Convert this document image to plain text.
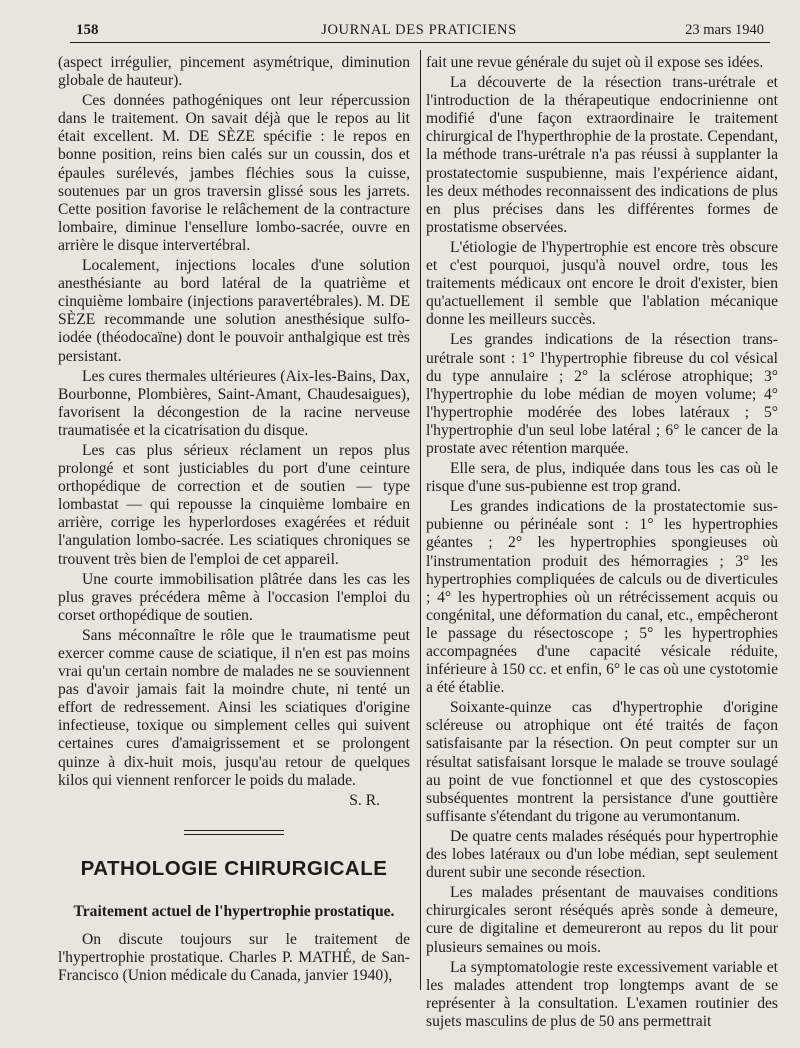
158	JOURNAL DES PRATICIENS	23 mars 1940

(aspect irrégulier, pincement asymétrique, diminution globale de hauteur).

Ces données pathogéniques ont leur répercussion dans le traitement. On savait déjà que le repos au lit était excellent. M. DE SÈZE spécifie : le repos en bonne position, reins bien calés sur un coussin, dos et épaules surélevés, jambes fléchies sous la cuisse, soutenues par un gros traversin glissé sous les jarrets. Cette position favorise le relâchement de la contracture lombaire, diminue l'ensellure lombo-sacrée, ouvre en arrière le disque intervertébral.

Localement, injections locales d'une solution anesthésiante au bord latéral de la quatrième et cinquième lombaire (injections paravertébrales). M. DE SÈZE recommande une solution anesthésique sulfo-iodée (théodocaïne) dont le pouvoir anthalgique est très persistant.

Les cures thermales ultérieures (Aix-les-Bains, Dax, Bourbonne, Plombières, Saint-Amant, Chaudesaigues), favorisent la décongestion de la racine nerveuse traumatisée et la cicatrisation du disque.

Les cas plus sérieux réclament un repos plus prolongé et sont justiciables du port d'une ceinture orthopédique de correction et de soutien — type lombastat — qui repousse la cinquième lombaire en arrière, corrige les hyperlordoses exagérées et réduit l'angulation lombo-sacrée. Les sciatiques chroniques se trouvent très bien de l'emploi de cet appareil.

Une courte immobilisation plâtrée dans les cas les plus graves précédera même à l'occasion l'emploi du corset orthopédique de soutien.

Sans méconnaître le rôle que le traumatisme peut exercer comme cause de sciatique, il n'en est pas moins vrai qu'un certain nombre de malades ne se souviennent pas d'avoir jamais fait la moindre chute, ni tenté un effort de redressement. Ainsi les sciatiques d'origine infectieuse, toxique ou simplement celles qui suivent certaines cures d'amaigrissement et se prolongent quinze à dix-huit mois, jusqu'au retour de quelques kilos qui viennent renforcer le poids du malade.

S. R.

PATHOLOGIE CHIRURGICALE
Traitement actuel de l'hypertrophie prostatique.

On discute toujours sur le traitement de l'hypertrophie prostatique. Charles P. MATHÉ, de San-Francisco (Union médicale du Canada, janvier 1940),

fait une revue générale du sujet où il expose ses idées.

La découverte de la résection trans-urétrale et l'introduction de la thérapeutique endocrinienne ont modifié d'une façon extraordinaire le traitement chirurgical de l'hyperthrophie de la prostate. Cependant, la méthode trans-urétrale n'a pas réussi à supplanter la prostatectomie suspubienne, mais l'expérience aidant, les deux méthodes reconnaissent des indications de plus en plus précises dans les différentes formes de prostatisme observées.

L'étiologie de l'hypertrophie est encore très obscure et c'est pourquoi, jusqu'à nouvel ordre, tous les traitements médicaux ont encore le droit d'exister, bien qu'actuellement il semble que l'ablation mécanique donne les meilleurs succès.

Les grandes indications de la résection trans-urétrale sont : 1° l'hypertrophie fibreuse du col vésical du type annulaire ; 2° la sclérose atrophique; 3° l'hypertrophie du lobe médian de moyen volume; 4° l'hypertrophie modérée des lobes latéraux ; 5° l'hypertrophie d'un seul lobe latéral ; 6° le cancer de la prostate avec rétention marquée.

Elle sera, de plus, indiquée dans tous les cas où le risque d'une sus-pubienne est trop grand.

Les grandes indications de la prostatectomie sus-pubienne ou périnéale sont : 1° les hypertrophies géantes ; 2° les hypertrophies spongieuses où l'instrumentation produit des hémorragies ; 3° les hypertrophies compliquées de calculs ou de diverticules ; 4° les hypertrophies où un rétrécissement acquis ou congénital, une déformation du canal, etc., empêcheront le passage du résectoscope ; 5° les hypertrophies accompagnées d'une capacité vésicale réduite, inférieure à 150 cc. et enfin, 6° le cas où une cystotomie a été établie.

Soixante-quinze cas d'hypertrophie d'origine scléreuse ou atrophique ont été traités de façon satisfaisante par la résection. On peut compter sur un résultat satisfaisant lorsque le malade se trouve soulagé au point de vue fonctionnel et que des cystoscopies subséquentes montrent la persistance d'une gouttière suffisante s'étendant du trigone au verumontanum.

De quatre cents malades réséqués pour hypertrophie des lobes latéraux ou d'un lobe médian, sept seulement durent subir une seconde résection.

Les malades présentant de mauvaises conditions chirurgicales seront réséqués après sonde à demeure, cure de digitaline et demeureront au repos du lit pour plusieurs semaines ou mois.

La symptomatologie reste excessivement variable et les malades attendent trop longtemps avant de se représenter à la consultation. L'examen routinier des sujets masculins de plus de 50 ans permettrait
